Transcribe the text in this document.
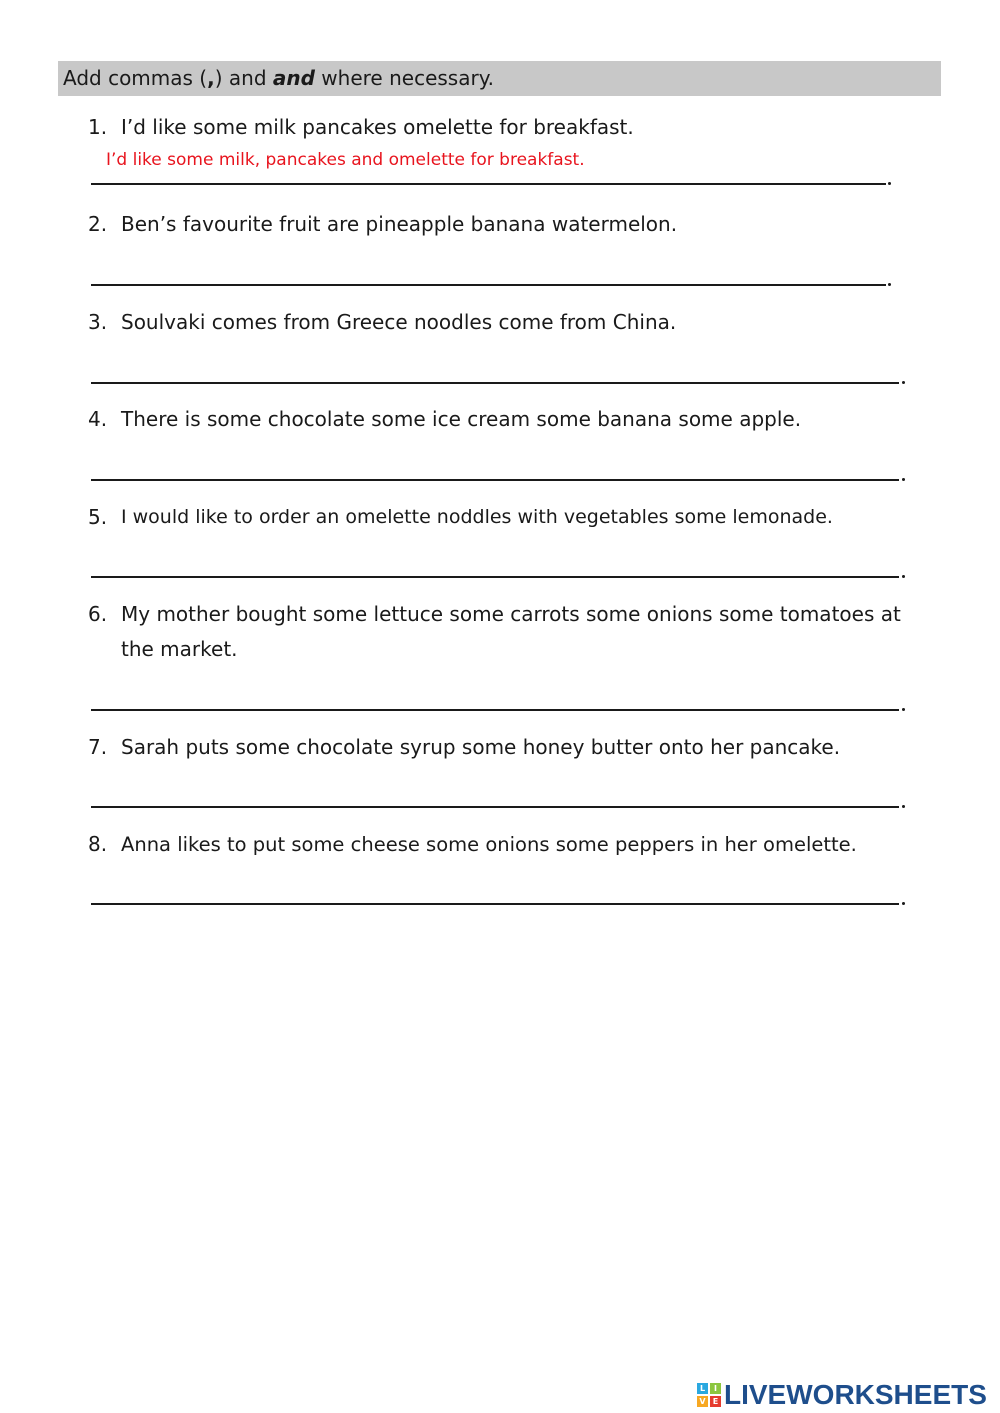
Add commas (,) and and where necessary.
1. I’d like some milk pancakes omelette for breakfast.
I’d like some milk, pancakes and omelette for breakfast.
2. Ben’s favourite fruit are pineapple banana watermelon.
3. Soulvaki comes from Greece noodles come from China.
4. There is some chocolate some ice cream some banana some apple.
5. I would like to order an omelette noddles with vegetables some lemonade.
6. My mother bought some lettuce some carrots some onions some tomatoes at the market.
7. Sarah puts some chocolate syrup some honey butter onto her pancake.
8. Anna likes to put some cheese some onions some peppers in her omelette.
L	I
V E LIVEWORKSHEETS
